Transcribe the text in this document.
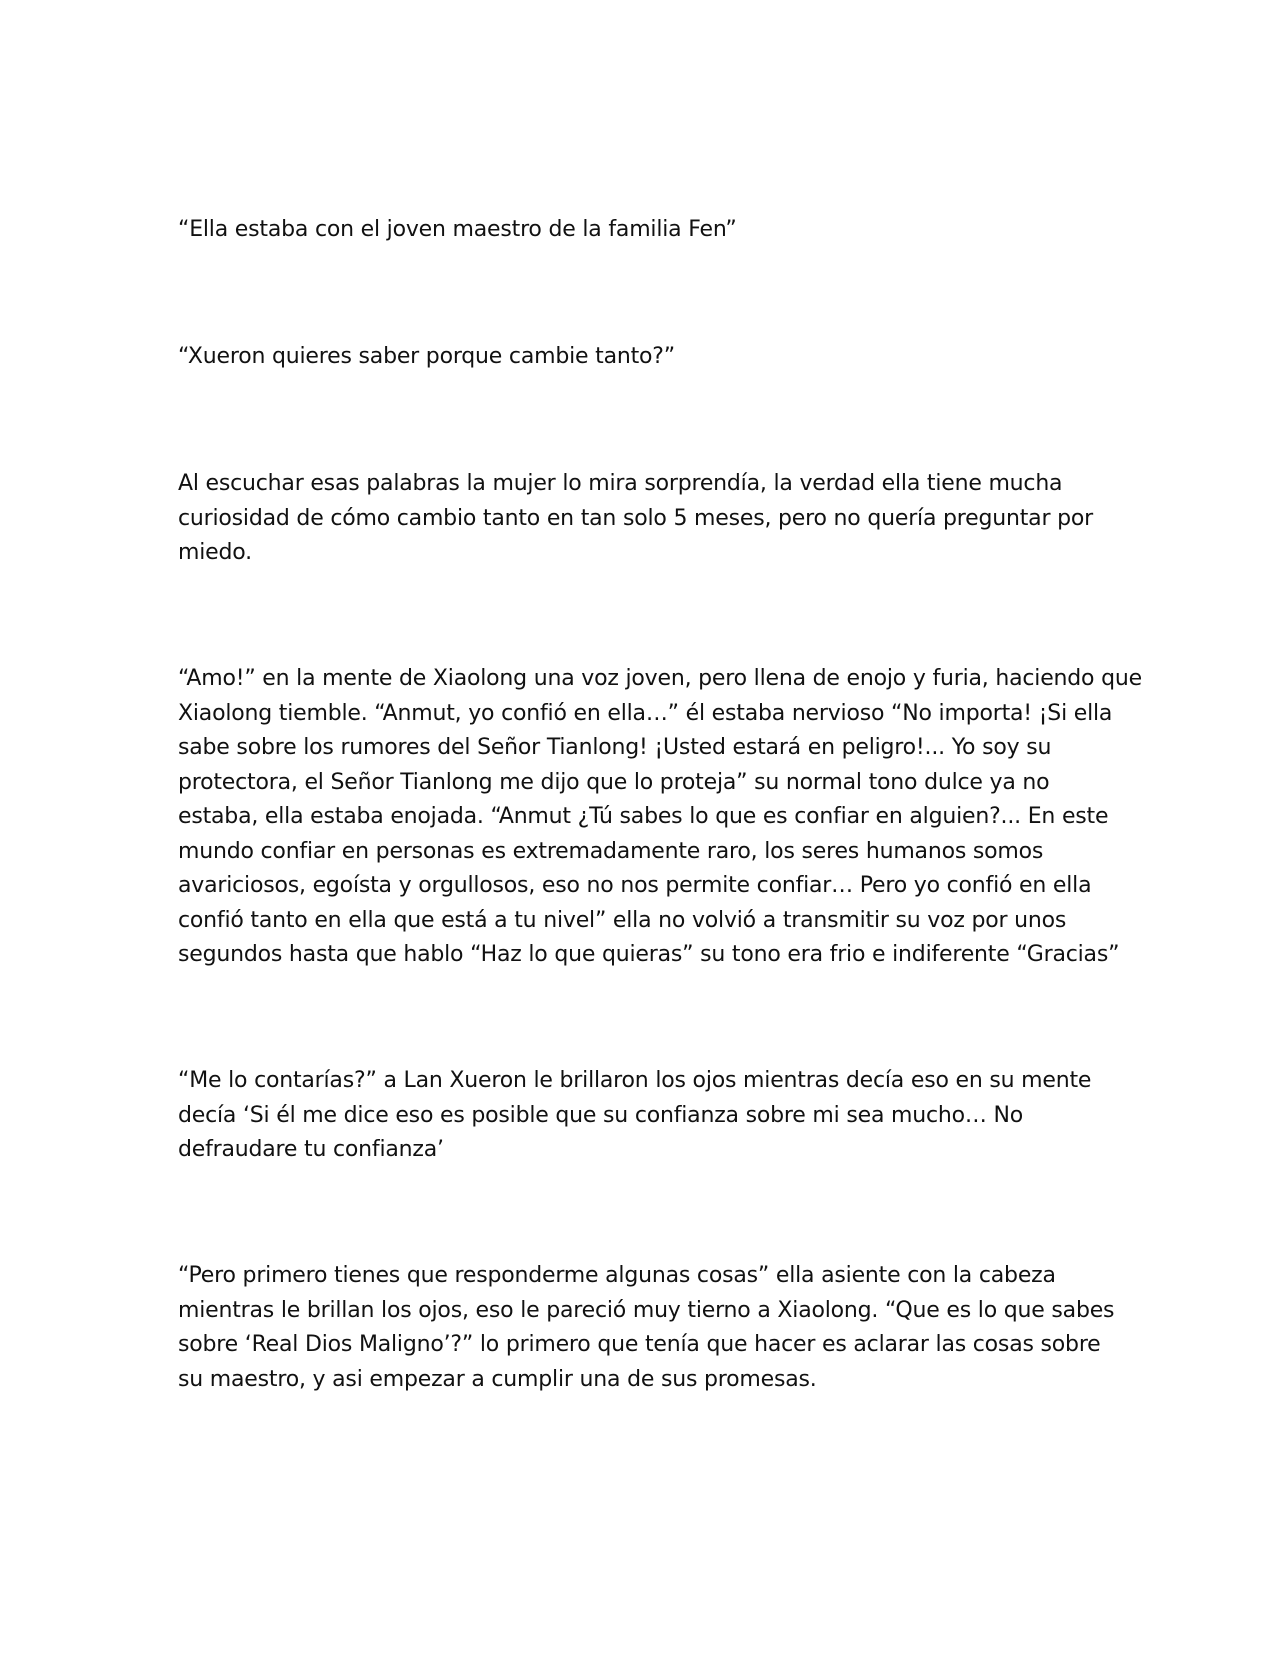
“Ella estaba con el joven maestro de la familia Fen”

“Xueron quieres saber porque cambie tanto?”

Al escuchar esas palabras la mujer lo mira sorprendía, la verdad ella tiene mucha
curiosidad de cómo cambio tanto en tan solo 5 meses, pero no quería preguntar por
miedo.

“Amo!” en la mente de Xiaolong una voz joven, pero llena de enojo y furia, haciendo que
Xiaolong tiemble. “Anmut, yo confió en ella…” él estaba nervioso “No importa! ¡Si ella
sabe sobre los rumores del Señor Tianlong! ¡Usted estará en peligro!... Yo soy su
protectora, el Señor Tianlong me dijo que lo proteja” su normal tono dulce ya no
estaba, ella estaba enojada. “Anmut ¿Tú sabes lo que es confiar en alguien?... En este
mundo confiar en personas es extremadamente raro, los seres humanos somos
avariciosos, egoísta y orgullosos, eso no nos permite confiar… Pero yo confió en ella
confió tanto en ella que está a tu nivel” ella no volvió a transmitir su voz por unos
segundos hasta que hablo “Haz lo que quieras” su tono era frio e indiferente “Gracias”

“Me lo contarías?” a Lan Xueron le brillaron los ojos mientras decía eso en su mente
decía ‘Si él me dice eso es posible que su confianza sobre mi sea mucho… No
defraudare tu confianza’

“Pero primero tienes que responderme algunas cosas” ella asiente con la cabeza
mientras le brillan los ojos, eso le pareció muy tierno a Xiaolong. “Que es lo que sabes
sobre ‘Real Dios Maligno’?” lo primero que tenía que hacer es aclarar las cosas sobre
su maestro, y asi empezar a cumplir una de sus promesas.
